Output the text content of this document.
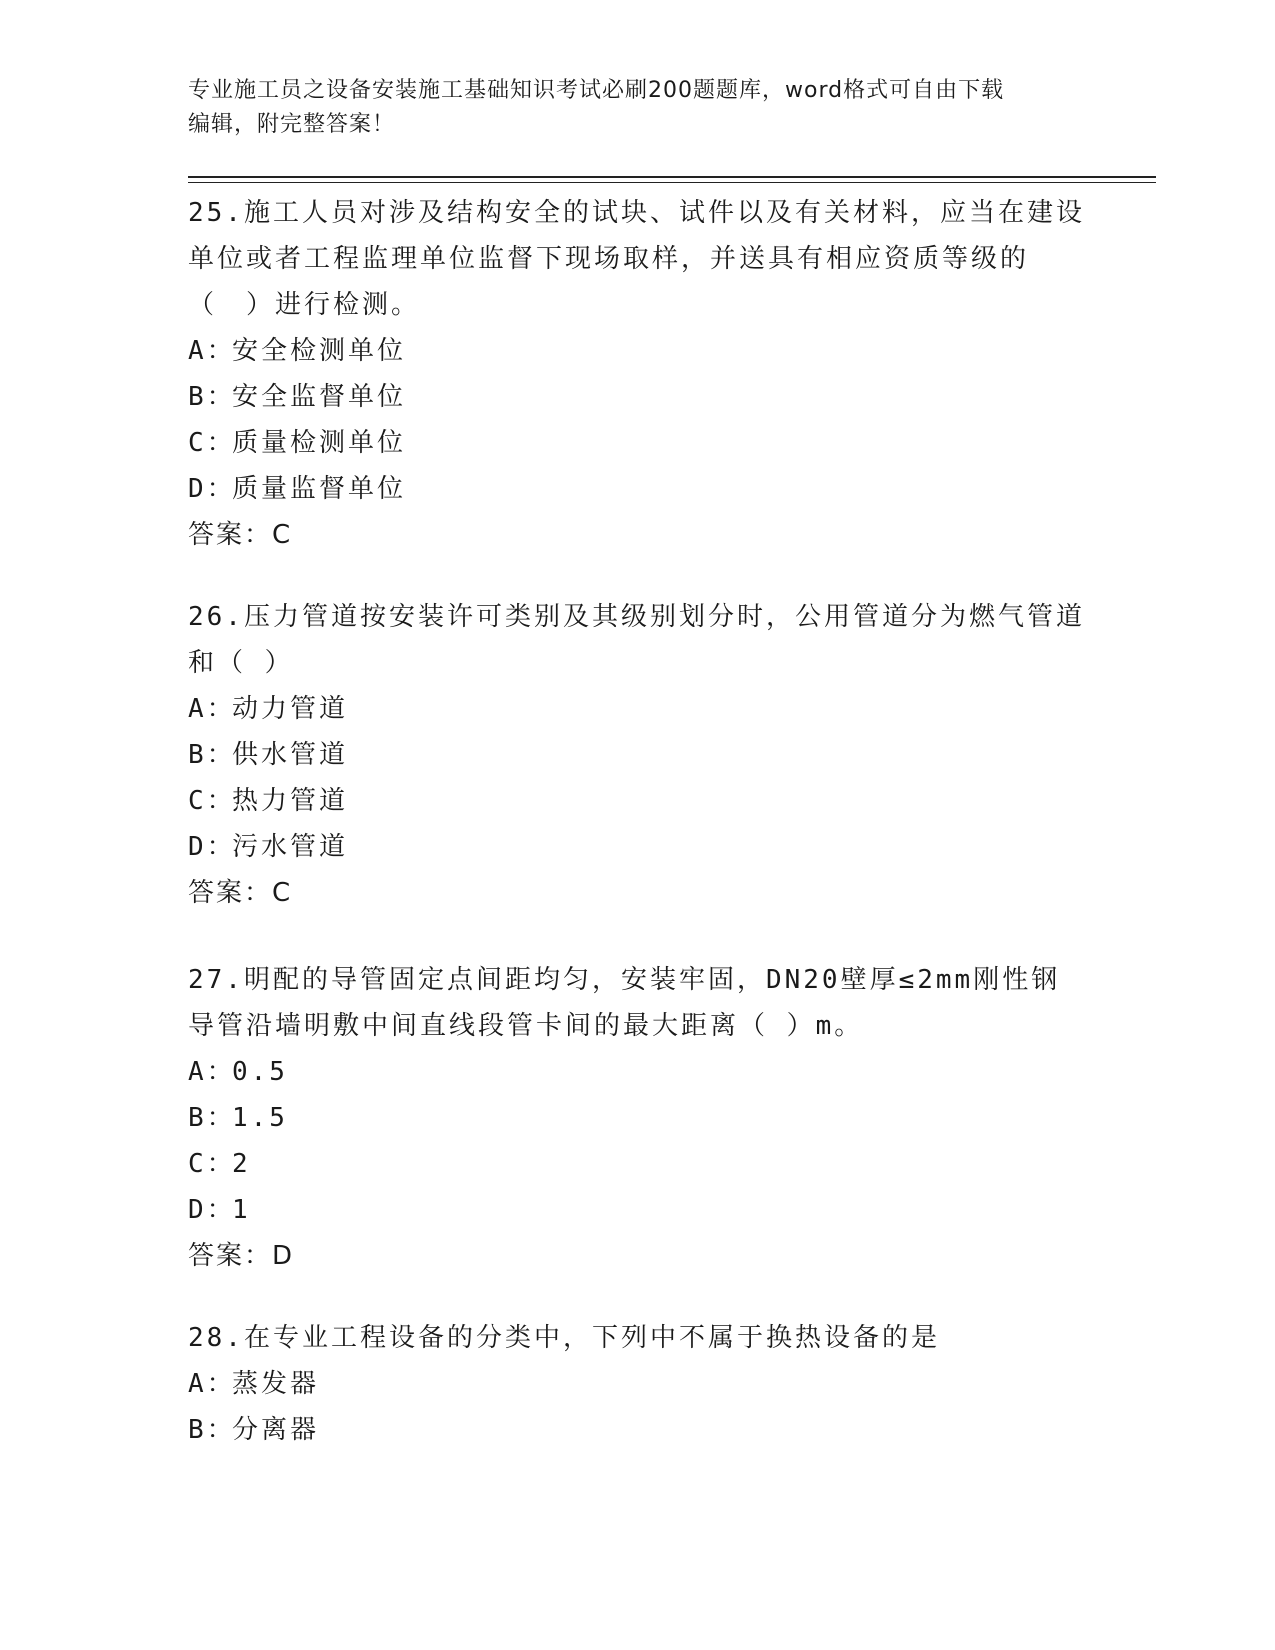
专业施工员之设备安装施工基础知识考试必刷200题题库，word格式可自由下载
编辑，附完整答案！

25.施工人员对涉及结构安全的试块、试件以及有关材料，应当在建设单位或者工程监理单位监督下现场取样，并送具有相应资质等级的（　）进行检测。

A：安全检测单位

B：安全监督单位

C：质量检测单位

D：质量监督单位

答案：C

26.压力管道按安装许可类别及其级别划分时，公用管道分为燃气管道和（ ）

A：动力管道

B：供水管道

C：热力管道

D：污水管道

答案：C

27.明配的导管固定点间距均匀，安装牢固，DN20壁厚≤2mm刚性钢导管沿墙明敷中间直线段管卡间的最大距离（ ）m。

A：0.5

B：1.5

C：2

D：1

答案：D

28.在专业工程设备的分类中，下列中不属于换热设备的是

A：蒸发器

B：分离器
